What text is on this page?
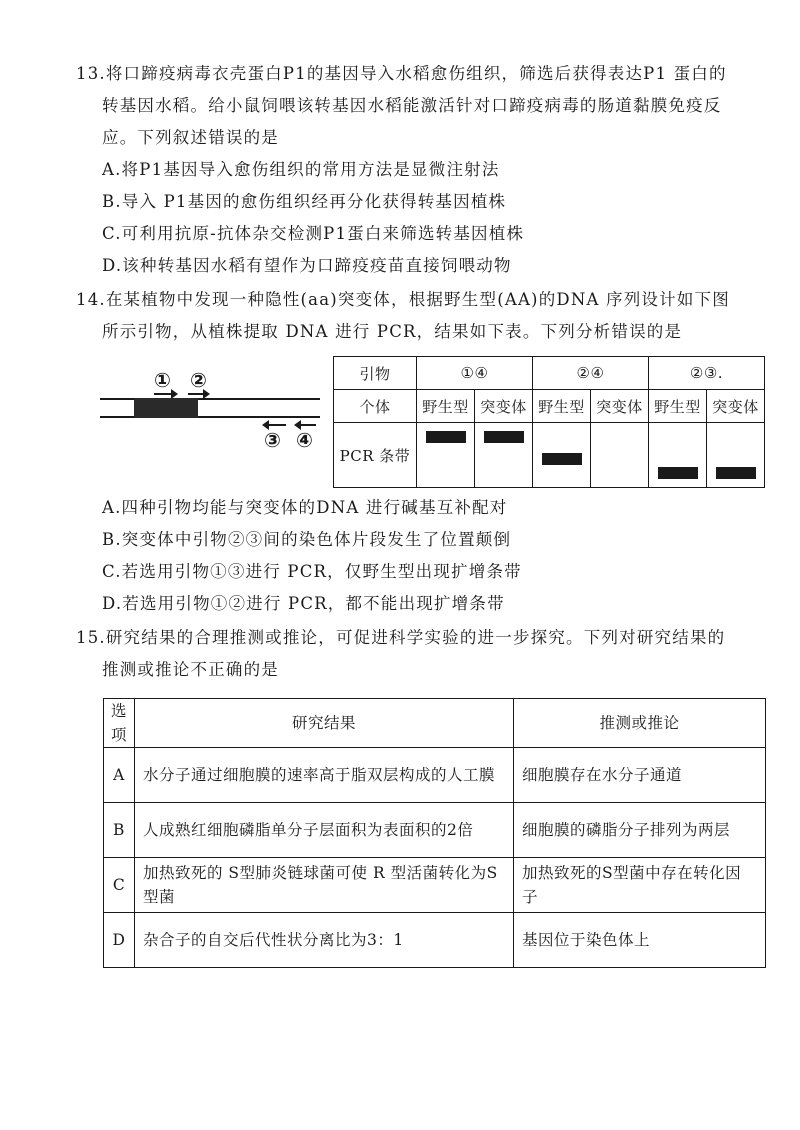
13.将口蹄疫病毒衣壳蛋白P1的基因导入水稻愈伤组织，筛选后获得表达P1 蛋白的
转基因水稻。给小鼠饲喂该转基因水稻能激活针对口蹄疫病毒的肠道黏膜免疫反
应。下列叙述错误的是
A.将P1基因导入愈伤组织的常用方法是显微注射法
B.导入 P1基因的愈伤组织经再分化获得转基因植株
C.可利用抗原-抗体杂交检测P1蛋白来筛选转基因植株
D.该种转基因水稻有望作为口蹄疫疫苗直接饲喂动物
14.在某植物中发现一种隐性(aa)突变体，根据野生型(AA)的DNA 序列设计如下图
所示引物，从植株提取 DNA 进行 PCR，结果如下表。下列分析错误的是
① ②
③ ④
引物	①④		②④		②③.	
个体	野生型	突变体	野生型	突变体	野生型	突变体
PCR 条带	

A.四种引物均能与突变体的DNA 进行碱基互补配对
B.突变体中引物②③间的染色体片段发生了位置颠倒
C.若选用引物①③进行 PCR，仅野生型出现扩增条带
D.若选用引物①②进行 PCR，都不能出现扩增条带
15.研究结果的合理推测或推论，可促进科学实验的进一步探究。下列对研究结果的
推测或推论不正确的是
选项	研究结果	推测或推论
A	水分子通过细胞膜的速率高于脂双层构成的人工膜	细胞膜存在水分子通道
B	人成熟红细胞磷脂单分子层面积为表面积的2倍	细胞膜的磷脂分子排列为两层
C	加热致死的 S型肺炎链球菌可使 R 型活菌转化为S型菌	加热致死的S型菌中存在转化因子
D	杂合子的自交后代性状分离比为3：1	基因位于染色体上
